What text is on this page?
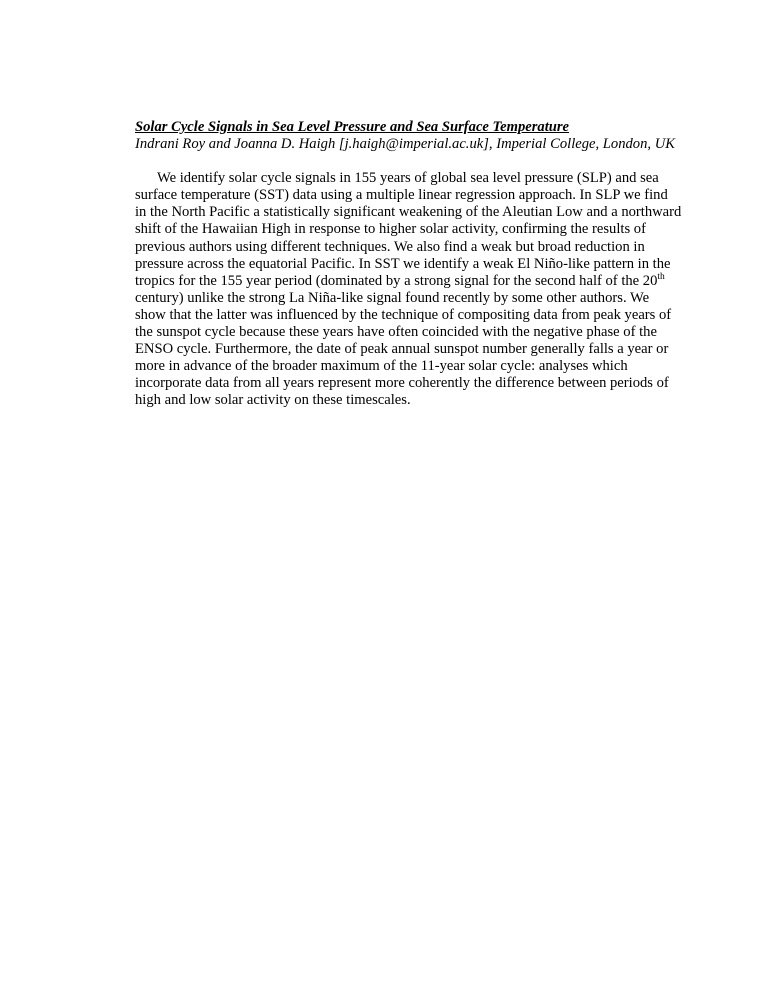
Solar Cycle Signals in Sea Level Pressure and Sea Surface Temperature

Indrani Roy and Joanna D. Haigh [j.haigh@imperial.ac.uk], Imperial College, London, UK

We identify solar cycle signals in 155 years of global sea level pressure (SLP) and sea
surface temperature (SST) data using a multiple linear regression approach. In SLP we find
in the North Pacific a statistically significant weakening of the Aleutian Low and a northward
shift of the Hawaiian High in response to higher solar activity, confirming the results of
previous authors using different techniques. We also find a weak but broad reduction in
pressure across the equatorial Pacific. In SST we identify a weak El Niño-like pattern in the
tropics for the 155 year period (dominated by a strong signal for the second half of the 20th
century) unlike the strong La Niña-like signal found recently by some other authors. We
show that the latter was influenced by the technique of compositing data from peak years of
the sunspot cycle because these years have often coincided with the negative phase of the
ENSO cycle. Furthermore, the date of peak annual sunspot number generally falls a year or
more in advance of the broader maximum of the 11-year solar cycle: analyses which
incorporate data from all years represent more coherently the difference between periods of
high and low solar activity on these timescales.
